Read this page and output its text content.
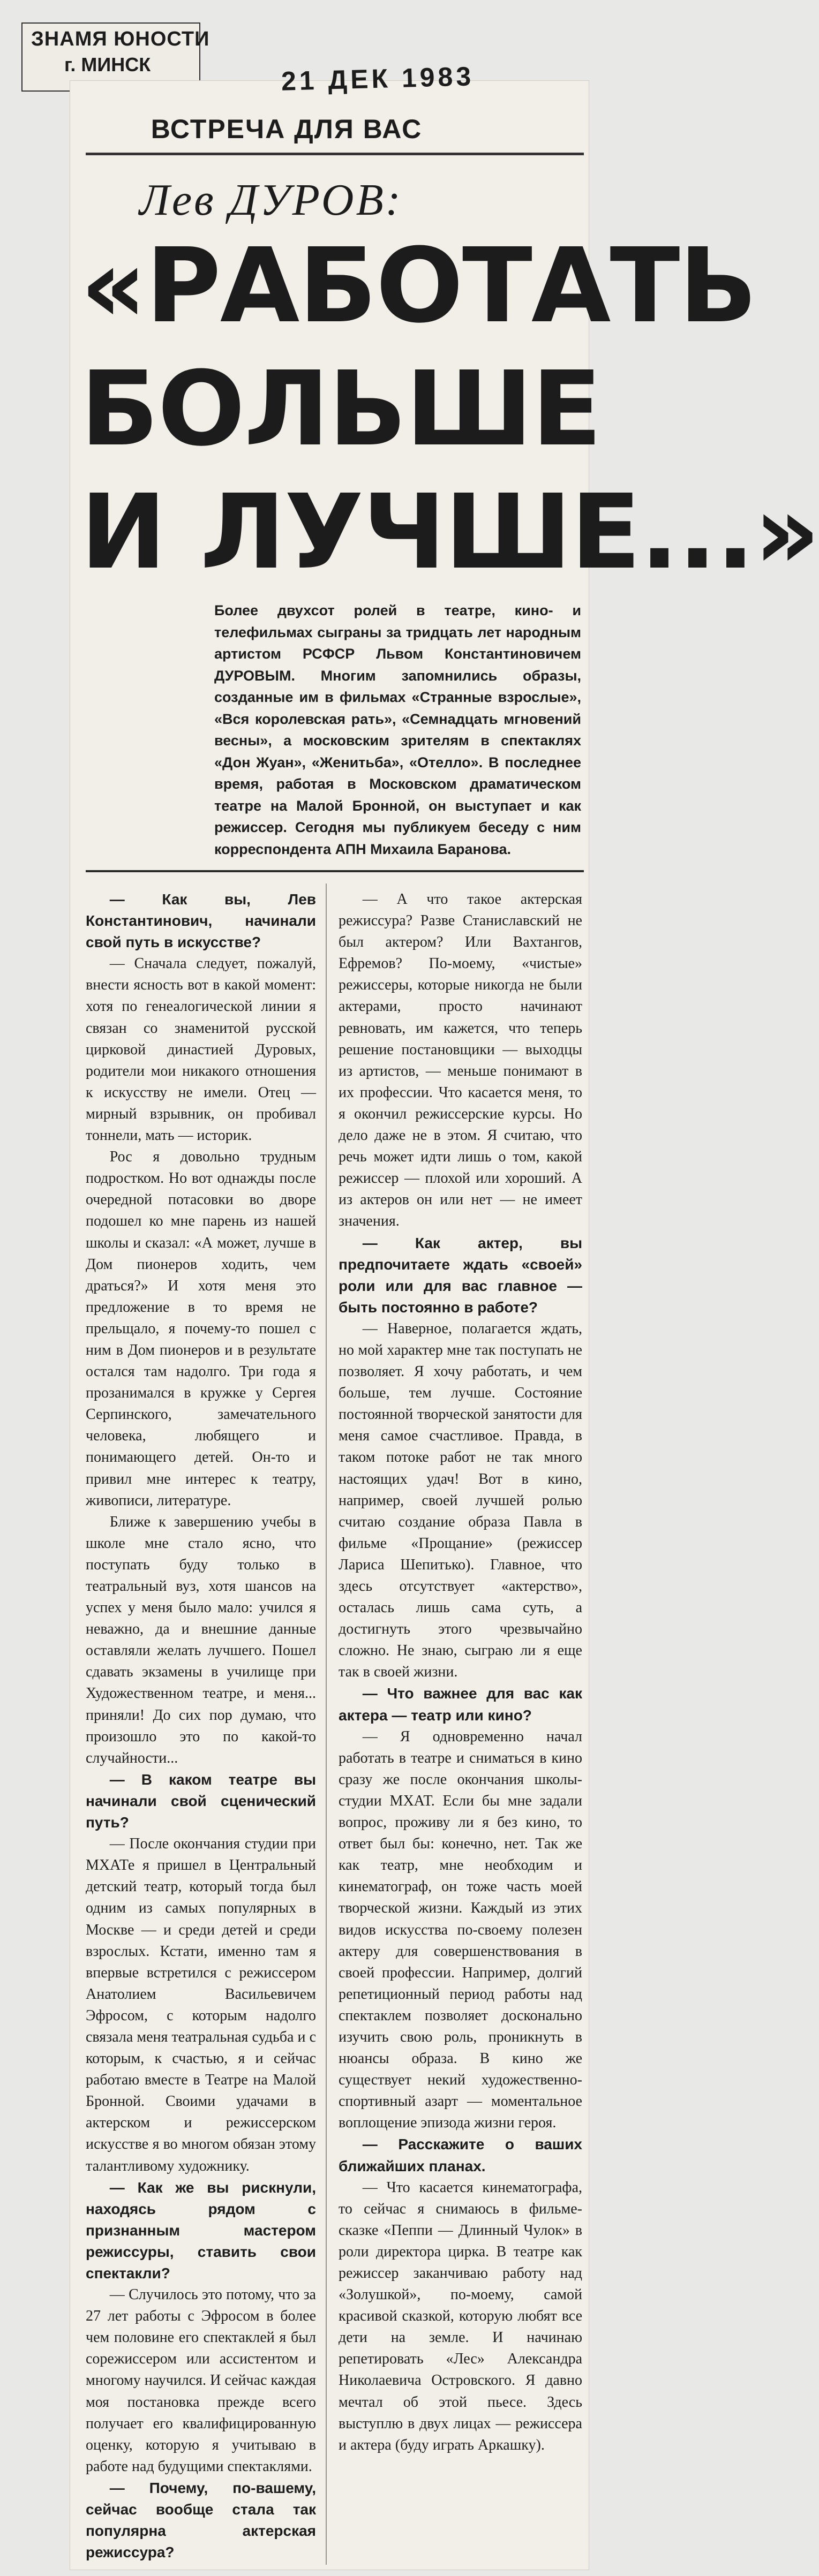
ЗНАМЯ ЮНОСТИ
г. МИНСК	21 ДЕК 1983
ВСТРЕЧА ДЛЯ ВАС
Лев ДУРОВ:
«РАБОТАТЬ
БОЛЬШЕ
И ЛУЧШЕ...»
Более двухсот ролей в театре, кино- и телефильмах сыграны за тридцать лет народным артистом РСФСР Львом Константиновичем ДУРОВЫМ. Многим запомнились образы, созданные им в фильмах «Странные взрослые», «Вся королевская рать», «Семнадцать мгновений весны», а московским зрителям в спектаклях «Дон Жуан», «Женитьба», «Отелло». В последнее время, работая в Московском драматическом театре на Малой Бронной, он выступает и как режиссер. Сегодня мы публикуем беседу с ним корреспондента АПН Михаила Баранова.

— Как вы, Лев Константинович, начинали свой путь в искусстве?

— Сначала следует, пожалуй, внести ясность вот в какой момент: хотя по генеалогической линии я связан со знаменитой русской цирковой династией Дуровых, родители мои никакого отношения к искусству не имели. Отец — мирный взрывник, он пробивал тоннели, мать — историк.

Рос я довольно трудным подростком. Но вот однажды после очередной потасовки во дворе подошел ко мне парень из нашей школы и сказал: «А может, лучше в Дом пионеров ходить, чем драться?» И хотя меня это предложение в то время не прельщало, я почему-то пошел с ним в Дом пионеров и в результате остался там надолго. Три года я прозанимался в кружке у Сергея Серпинского, замечательного человека, любящего и понимающего детей. Он-то и привил мне интерес к театру, живописи, литературе.

Ближе к завершению учебы в школе мне стало ясно, что поступать буду только в театральный вуз, хотя шансов на успех у меня было мало: учился я неважно, да и внешние данные оставляли желать лучшего. Пошел сдавать экзамены в училище при Художественном театре, и меня... приняли! До сих пор думаю, что произошло это по какой-то случайности...

— В каком театре вы начинали свой сценический путь?

— После окончания студии при МХАТе я пришел в Центральный детский театр, который тогда был одним из самых популярных в Москве — и среди детей и среди взрослых. Кстати, именно там я впервые встретился с режиссером Анатолием Васильевичем Эфросом, с которым надолго связала меня театральная судьба и с которым, к счастью, я и сейчас работаю вместе в Театре на Малой Бронной. Своими удачами в актерском и режиссерском искусстве я во многом обязан этому талантливому художнику.

— Как же вы рискнули, находясь рядом с признанным мастером режиссуры, ставить свои спектакли?

— Случилось это потому, что за 27 лет работы с Эфросом в более чем половине его спектаклей я был сорежиссером или ассистентом и многому научился. И сейчас каждая моя постановка прежде всего получает его квалифицированную оценку, которую я учитываю в работе над будущими спектаклями.

— Почему, по-вашему, сейчас вообще стала так популярна актерская режиссура?

— А что такое актерская режиссура? Разве Станиславский не был актером? Или Вахтангов, Ефремов? По-моему, «чистые» режиссеры, которые никогда не были актерами, просто начинают ревновать, им кажется, что теперь решение постановщики — выходцы из артистов, — меньше понимают в их профессии. Что касается меня, то я окончил режиссерские курсы. Но дело даже не в этом. Я считаю, что речь может идти лишь о том, какой режиссер — плохой или хороший. А из актеров он или нет — не имеет значения.

— Как актер, вы предпочитаете ждать «своей» роли или для вас главное — быть постоянно в работе?

— Наверное, полагается ждать, но мой характер мне так поступать не позволяет. Я хочу работать, и чем больше, тем лучше. Состояние постоянной творческой занятости для меня самое счастливое. Правда, в таком потоке работ не так много настоящих удач! Вот в кино, например, своей лучшей ролью считаю создание образа Павла в фильме «Прощание» (режиссер Лариса Шепитько). Главное, что здесь отсутствует «актерство», осталась лишь сама суть, а достигнуть этого чрезвычайно сложно. Не знаю, сыграю ли я еще так в своей жизни.

— Что важнее для вас как актера — театр или кино?

— Я одновременно начал работать в театре и сниматься в кино сразу же после окончания школы-студии МХАТ. Если бы мне задали вопрос, проживу ли я без кино, то ответ был бы: конечно, нет. Так же как театр, мне необходим и кинематограф, он тоже часть моей творческой жизни. Каждый из этих видов искусства по-своему полезен актеру для совершенствования в своей профессии. Например, долгий репетиционный период работы над спектаклем позволяет досконально изучить свою роль, проникнуть в нюансы образа. В кино же существует некий художественно-спортивный азарт — моментальное воплощение эпизода жизни героя.

— Расскажите о ваших ближайших планах.

— Что касается кинематографа, то сейчас я снимаюсь в фильме-сказке «Пеппи — Длинный Чулок» в роли директора цирка. В театре как режиссер заканчиваю работу над «Золушкой», по-моему, самой красивой сказкой, которую любят все дети на земле. И начинаю репетировать «Лес» Александра Николаевича Островского. Я давно мечтал об этой пьесе. Здесь выступлю в двух лицах — режиссера и актера (буду играть Аркашку).
